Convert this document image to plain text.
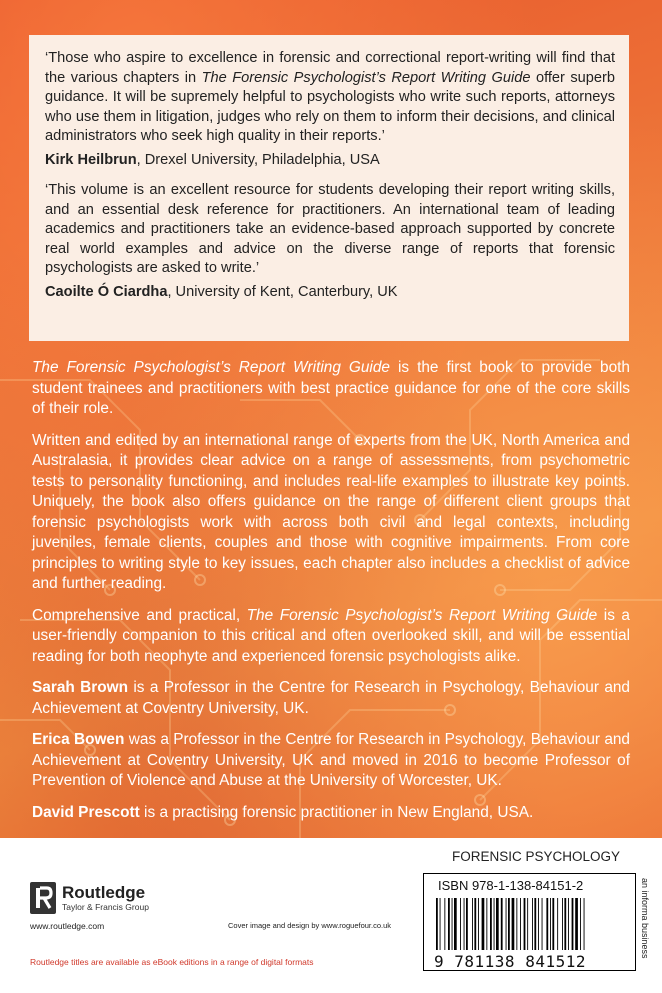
‘Those who aspire to excellence in forensic and correctional report-writing will find that the various chapters in The Forensic Psychologist’s Report Writing Guide offer superb guidance. It will be supremely helpful to psychologists who write such reports, attorneys who use them in litigation, judges who rely on them to inform their decisions, and clinical administrators who seek high quality in their reports.’

Kirk Heilbrun, Drexel University, Philadelphia, USA

‘This volume is an excellent resource for students developing their report writing skills, and an essential desk reference for practitioners. An international team of leading academics and practitioners take an evidence-based approach supported by concrete real world examples and advice on the diverse range of reports that forensic psychologists are asked to write.’

Caoilte Ó Ciardha, University of Kent, Canterbury, UK

The Forensic Psychologist’s Report Writing Guide is the first book to provide both student trainees and practitioners with best practice guidance for one of the core skills of their role.

Written and edited by an international range of experts from the UK, North America and Australasia, it provides clear advice on a range of assessments, from psychometric tests to personality functioning, and includes real-life examples to illustrate key points. Uniquely, the book also offers guidance on the range of different client groups that forensic psychologists work with across both civil and legal contexts, including juveniles, female clients, couples and those with cognitive impairments. From core principles to writing style to key issues, each chapter also includes a checklist of advice and further reading.

Comprehensive and practical, The Forensic Psychologist’s Report Writing Guide is a user-friendly companion to this critical and often overlooked skill, and will be essential reading for both neophyte and experienced forensic psychologists alike.

Sarah Brown is a Professor in the Centre for Research in Psychology, Behaviour and Achievement at Coventry University, UK.

Erica Bowen was a Professor in the Centre for Research in Psychology, Behaviour and Achievement at Coventry University, UK and moved in 2016 to become Professor of Prevention of Violence and Abuse at the University of Worcester, UK.

David Prescott is a practising forensic practitioner in New England, USA.

Routledge
Taylor & Francis Group
www.routledge.com	Cover image and design by www.roguefour.co.uk
Routledge titles are available as eBook editions in a range of digital formats
FORENSIC PSYCHOLOGY
ISBN 978-1-138-84151-2
9 781138 841512
an informa business
